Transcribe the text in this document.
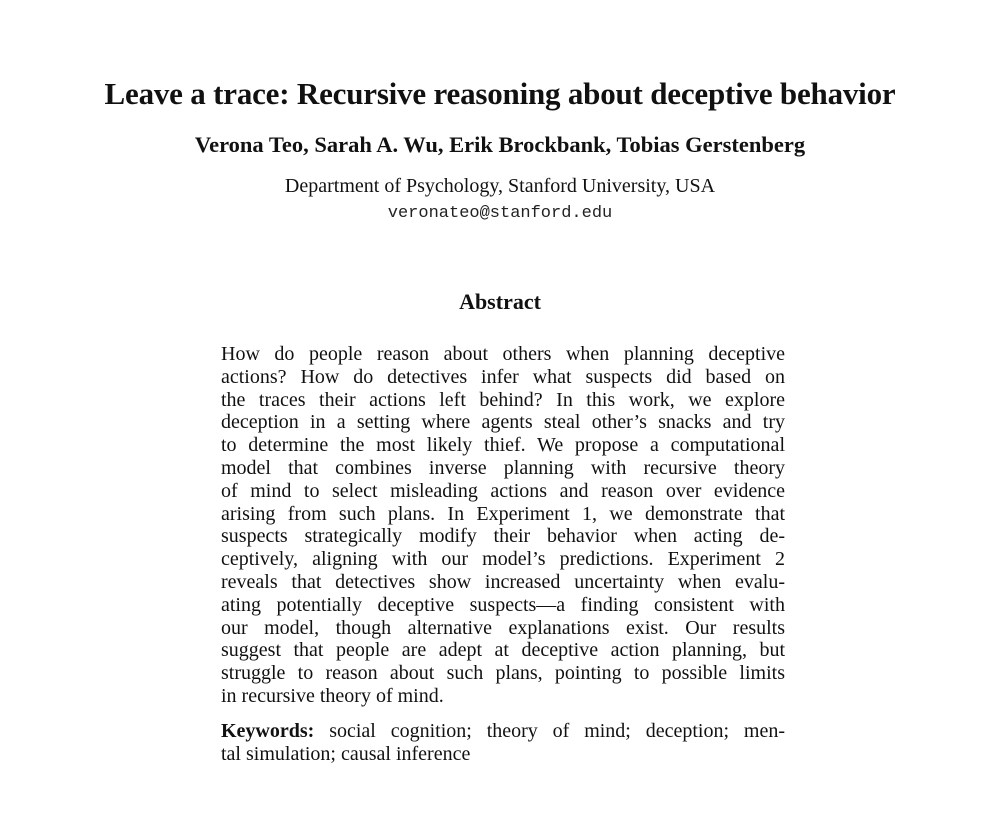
Leave a trace: Recursive reasoning about deceptive behavior
Verona Teo, Sarah A. Wu, Erik Brockbank, Tobias Gerstenberg
Department of Psychology, Stanford University, USA
veronateo@stanford.edu
Abstract
How do people reason about others when planning deceptive
actions? How do detectives infer what suspects did based on
the traces their actions left behind? In this work, we explore
deception in a setting where agents steal other’s snacks and try
to determine the most likely thief. We propose a computational
model that combines inverse planning with recursive theory
of mind to select misleading actions and reason over evidence
arising from such plans. In Experiment 1, we demonstrate that
suspects strategically modify their behavior when acting de-
ceptively, aligning with our model’s predictions. Experiment 2
reveals that detectives show increased uncertainty when evalu-
ating potentially deceptive suspects—a finding consistent with
our model, though alternative explanations exist. Our results
suggest that people are adept at deceptive action planning, but
struggle to reason about such plans, pointing to possible limits
in recursive theory of mind.
Keywords: social cognition; theory of mind; deception; men-
tal simulation; causal inference
